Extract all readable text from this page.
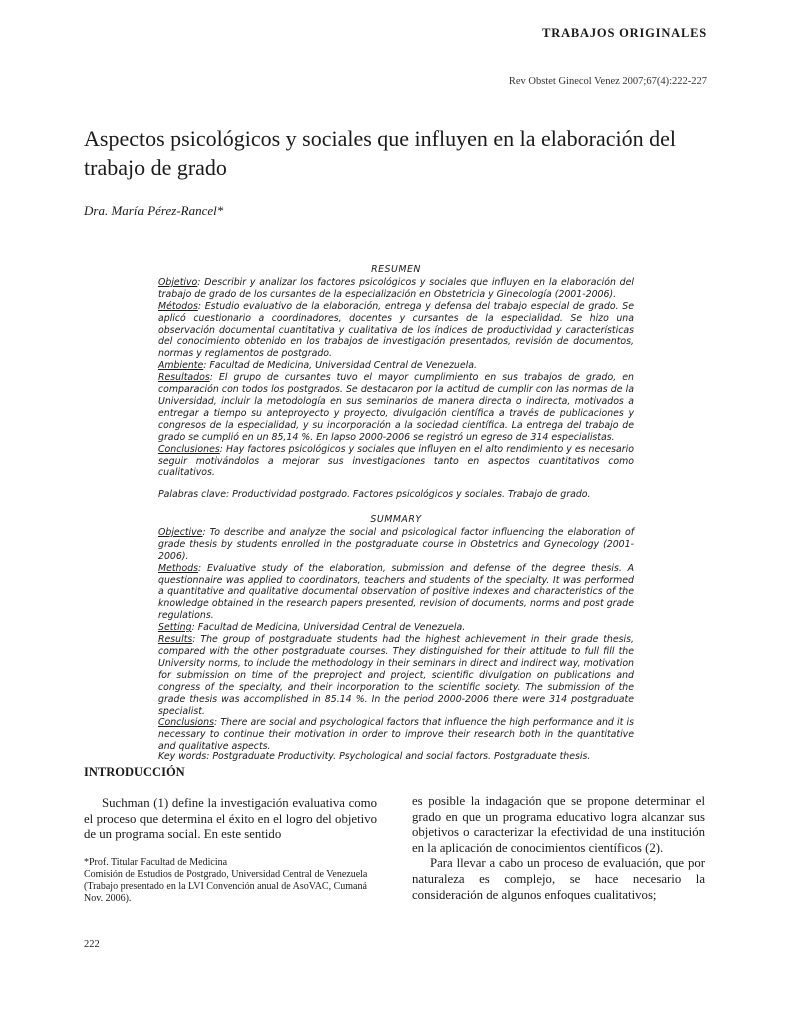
TRABAJOS ORIGINALES
Rev Obstet Ginecol Venez 2007;67(4):222-227
Aspectos psicológicos y sociales que influyen en la elaboración del trabajo de grado
Dra. María Pérez-Rancel*

RESUMEN

Objetivo: Describir y analizar los factores psicológicos y sociales que influyen en la elaboración del trabajo de grado de los cursantes de la especialización en Obstetricia y Ginecología (2001-2006).

Métodos: Estudio evaluativo de la elaboración, entrega y defensa del trabajo especial de grado. Se aplicó cuestionario a coordinadores, docentes y cursantes de la especialidad. Se hizo una observación documental cuantitativa y cualitativa de los índices de productividad y características del conocimiento obtenido en los trabajos de investigación presentados, revisión de documentos, normas y reglamentos de postgrado.

Ambiente: Facultad de Medicina, Universidad Central de Venezuela.

Resultados: El grupo de cursantes tuvo el mayor cumplimiento en sus trabajos de grado, en comparación con todos los postgrados. Se destacaron por la actitud de cumplir con las normas de la Universidad, incluir la metodología en sus seminarios de manera directa o indirecta, motivados a entregar a tiempo su anteproyecto y proyecto, divulgación científica a través de publicaciones y congresos de la especialidad, y su incorporación a la sociedad científica. La entrega del trabajo de grado se cumplió en un 85,14 %. En lapso 2000-2006 se registró un egreso de 314 especialistas.

Conclusiones: Hay factores psicológicos y sociales que influyen en el alto rendimiento y es necesario seguir motivándolos a mejorar sus investigaciones tanto en aspectos cuantitativos como cualitativos.

Palabras clave: Productividad postgrado. Factores psicológicos y sociales. Trabajo de grado.

SUMMARY

Objective: To describe and analyze the social and psicological factor influencing the elaboration of grade thesis by students enrolled in the postgraduate course in Obstetrics and Gynecology (2001-2006).

Methods: Evaluative study of the elaboration, submission and defense of the degree thesis. A questionnaire was applied to coordinators, teachers and students of the specialty. It was performed a quantitative and qualitative documental observation of positive indexes and characteristics of the knowledge obtained in the research papers presented, revision of documents, norms and post grade regulations.

Setting: Facultad de Medicina, Universidad Central de Venezuela.

Results: The group of postgraduate students had the highest achievement in their grade thesis, compared with the other postgraduate courses. They distinguished for their attitude to full fill the University norms, to include the methodology in their seminars in direct and indirect way, motivation for submission on time of the preproject and project, scientific divulgation on publications and congress of the specialty, and their incorporation to the scientific society. The submission of the grade thesis was accomplished in 85.14 %. In the period 2000-2006 there were 314 postgraduate specialist.

Conclusions: There are social and psychological factors that influence the high performance and it is necessary to continue their motivation in order to improve their research both in the quantitative and qualitative aspects.

Key words: Postgraduate Productivity. Psychological and social factors. Postgraduate thesis.
INTRODUCCIÓN

Suchman (1) define la investigación evaluativa como el proceso que determina el éxito en el logro del objetivo de un programa social. En este sentido

*Prof. Titular Facultad de Medicina
Comisión de Estudios de Postgrado, Universidad Central de Venezuela
(Trabajo presentado en la LVI Convención anual de AsoVAC, Cumaná Nov. 2006).

es posible la indagación que se propone determinar el grado en que un programa educativo logra alcanzar sus objetivos o caracterizar la efectividad de una institución en la aplicación de conocimientos científicos (2).

Para llevar a cabo un proceso de evaluación, que por naturaleza es complejo, se hace necesario la consideración de algunos enfoques cualitativos;

222
